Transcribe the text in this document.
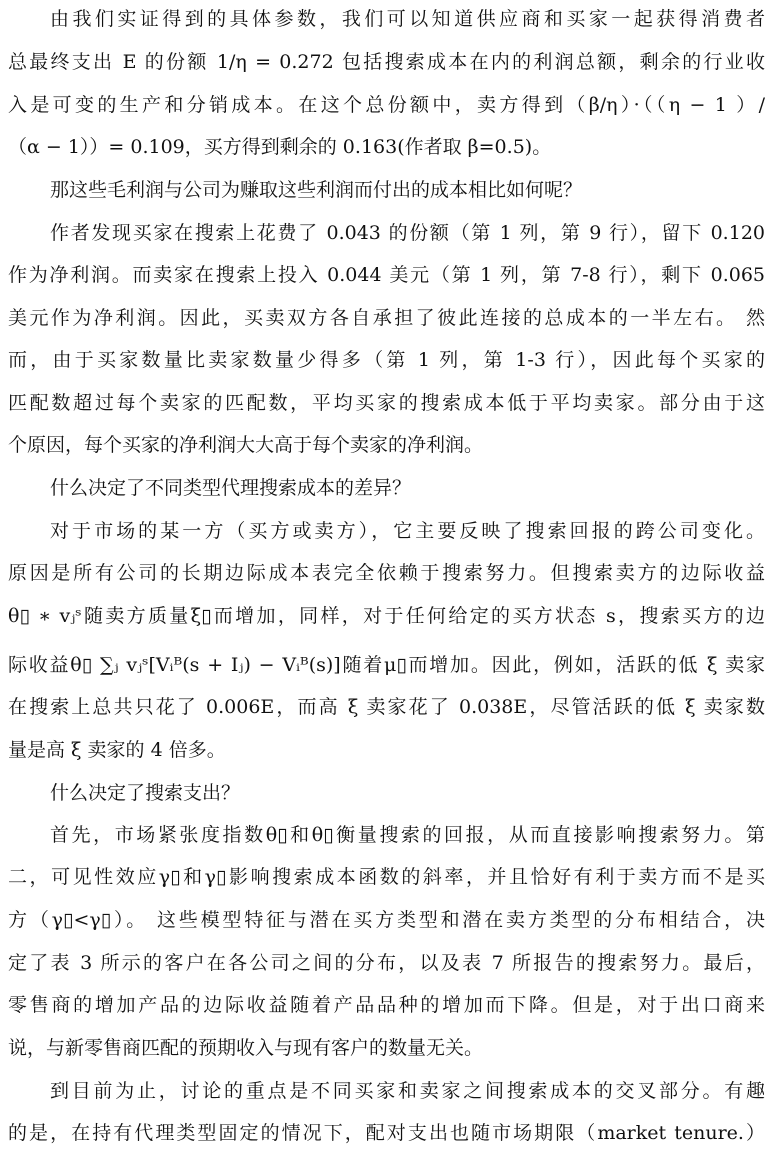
由我们实证得到的具体参数，我们可以知道供应商和买家一起获得消费者
总最终支出 E 的份额 1/η = 0.272 包括搜索成本在内的利润总额，剩余的行业收
入是可变的生产和分销成本。在这个总份额中，卖方得到（β/η）·（（η − 1 ）/
（α − 1））= 0.109，买方得到剩余的 0.163(作者取 β=0.5)。
那这些毛利润与公司为赚取这些利润而付出的成本相比如何呢？
作者发现买家在搜索上花费了 0.043 的份额（第 1 列，第 9 行），留下 0.120
作为净利润。而卖家在搜索上投入 0.044 美元（第 1 列，第 7-8 行），剩下 0.065
美元作为净利润。因此，买卖双方各自承担了彼此连接的总成本的一半左右。 然
而，由于买家数量比卖家数量少得多（第 1 列，第 1-3 行），因此每个买家的
匹配数超过每个卖家的匹配数，平均买家的搜索成本低于平均卖家。部分由于这
个原因，每个买家的净利润大大高于每个卖家的净利润。
什么决定了不同类型代理搜索成本的差异？
对于市场的某一方（买方或卖方），它主要反映了搜索回报的跨公司变化。
原因是所有公司的长期边际成本表完全依赖于搜索努力。但搜索卖方的边际收益
θ▯ ∗ vⱼˢ随卖方质量ξ▯而增加，同样，对于任何给定的买方状态 s，搜索买方的边
际收益θ▯ ∑ⱼ vⱼˢ[Vᵢᴮ(s + Iⱼ) − Vᵢᴮ(s)]随着μ▯而增加。因此，例如，活跃的低 ξ 卖家
在搜索上总共只花了 0.006E，而高 ξ 卖家花了 0.038E，尽管活跃的低 ξ 卖家数
量是高 ξ 卖家的 4 倍多。
什么决定了搜索支出？
首先，市场紧张度指数θ▯和θ▯衡量搜索的回报，从而直接影响搜索努力。第
二，可见性效应γ▯和γ▯影响搜索成本函数的斜率，并且恰好有利于卖方而不是买
方（γ▯<γ▯）。 这些模型特征与潜在买方类型和潜在卖方类型的分布相结合，决
定了表 3 所示的客户在各公司之间的分布，以及表 7 所报告的搜索努力。最后，
零售商的增加产品的边际收益随着产品品种的增加而下降。但是，对于出口商来
说，与新零售商匹配的预期收入与现有客户的数量无关。
到目前为止，讨论的重点是不同买家和卖家之间搜索成本的交叉部分。有趣
的是，在持有代理类型固定的情况下，配对支出也随市场期限（market tenure.）
